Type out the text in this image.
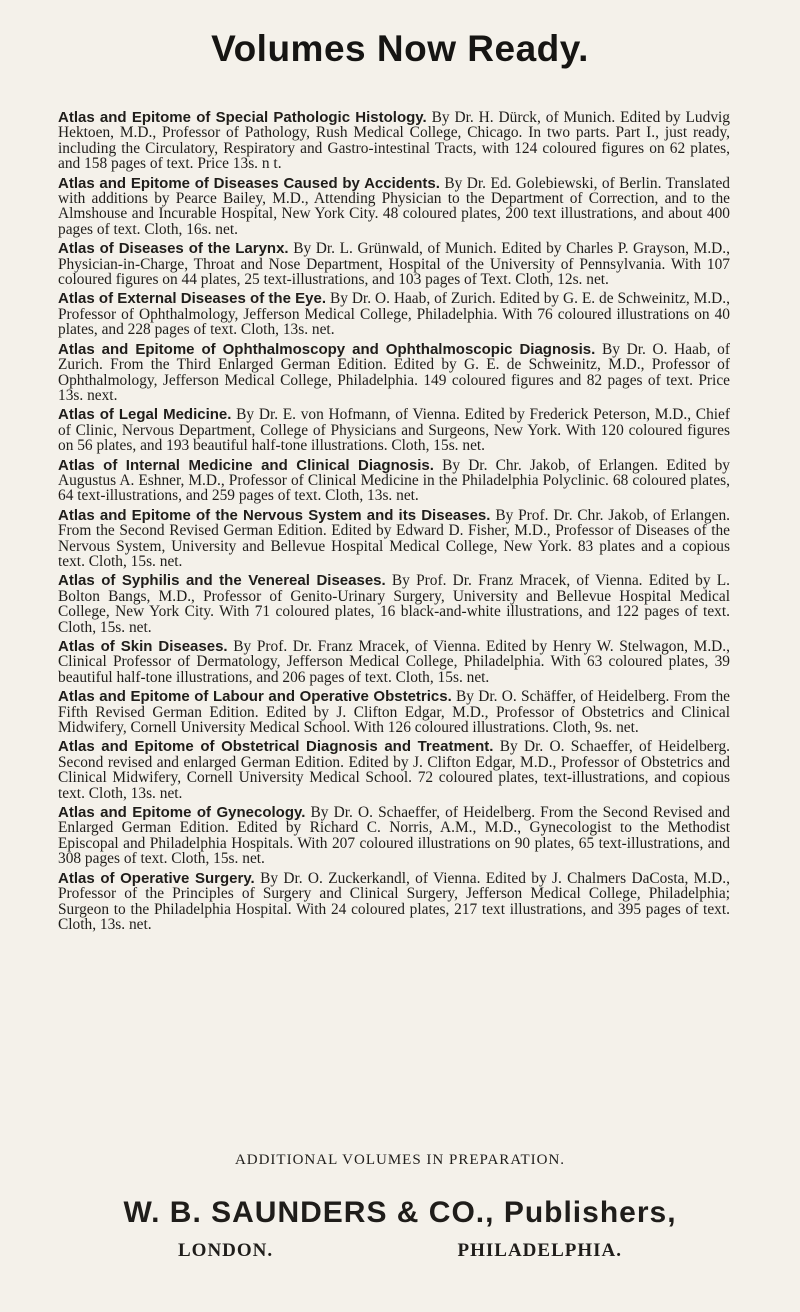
Volumes Now Ready.

Atlas and Epitome of Special Pathologic Histology. By Dr. H. Dürck, of Munich. Edited by Ludvig Hektoen, M.D., Professor of Pathology, Rush Medical College, Chicago. In two parts. Part I., just ready, including the Circulatory, Respiratory and Gastro-intestinal Tracts, with 124 coloured figures on 62 plates, and 158 pages of text. Price 13s. n t.

Atlas and Epitome of Diseases Caused by Accidents. By Dr. Ed. Golebiewski, of Berlin. Translated with additions by Pearce Bailey, M.D., Attending Physician to the Department of Correction, and to the Almshouse and Incurable Hospital, New York City. 48 coloured plates, 200 text illustrations, and about 400 pages of text. Cloth, 16s. net.

Atlas of Diseases of the Larynx. By Dr. L. Grünwald, of Munich. Edited by Charles P. Grayson, M.D., Physician-in-Charge, Throat and Nose Department, Hospital of the University of Pennsylvania. With 107 coloured figures on 44 plates, 25 text-illustrations, and 103 pages of Text. Cloth, 12s. net.

Atlas of External Diseases of the Eye. By Dr. O. Haab, of Zurich. Edited by G. E. de Schweinitz, M.D., Professor of Ophthalmology, Jefferson Medical College, Philadelphia. With 76 coloured illustrations on 40 plates, and 228 pages of text. Cloth, 13s. net.

Atlas and Epitome of Ophthalmoscopy and Ophthalmoscopic Diagnosis. By Dr. O. Haab, of Zurich. From the Third Enlarged German Edition. Edited by G. E. de Schweinitz, M.D., Professor of Ophthalmology, Jefferson Medical College, Philadelphia. 149 coloured figures and 82 pages of text. Price 13s. next.

Atlas of Legal Medicine. By Dr. E. von Hofmann, of Vienna. Edited by Frederick Peterson, M.D., Chief of Clinic, Nervous Department, College of Physicians and Surgeons, New York. With 120 coloured figures on 56 plates, and 193 beautiful half-tone illustrations. Cloth, 15s. net.

Atlas of Internal Medicine and Clinical Diagnosis. By Dr. Chr. Jakob, of Erlangen. Edited by Augustus A. Eshner, M.D., Professor of Clinical Medicine in the Philadelphia Polyclinic. 68 coloured plates, 64 text-illustrations, and 259 pages of text. Cloth, 13s. net.

Atlas and Epitome of the Nervous System and its Diseases. By Prof. Dr. Chr. Jakob, of Erlangen. From the Second Revised German Edition. Edited by Edward D. Fisher, M.D., Professor of Diseases of the Nervous System, University and Bellevue Hospital Medical College, New York. 83 plates and a copious text. Cloth, 15s. net.

Atlas of Syphilis and the Venereal Diseases. By Prof. Dr. Franz Mracek, of Vienna. Edited by L. Bolton Bangs, M.D., Professor of Genito-Urinary Surgery, University and Bellevue Hospital Medical College, New York City. With 71 coloured plates, 16 black-and-white illustrations, and 122 pages of text. Cloth, 15s. net.

Atlas of Skin Diseases. By Prof. Dr. Franz Mracek, of Vienna. Edited by Henry W. Stelwagon, M.D., Clinical Professor of Dermatology, Jefferson Medical College, Philadelphia. With 63 coloured plates, 39 beautiful half-tone illustrations, and 206 pages of text. Cloth, 15s. net.

Atlas and Epitome of Labour and Operative Obstetrics. By Dr. O. Schäffer, of Heidelberg. From the Fifth Revised German Edition. Edited by J. Clifton Edgar, M.D., Professor of Obstetrics and Clinical Midwifery, Cornell University Medical School. With 126 coloured illustrations. Cloth, 9s. net.

Atlas and Epitome of Obstetrical Diagnosis and Treatment. By Dr. O. Schaeffer, of Heidelberg. Second revised and enlarged German Edition. Edited by J. Clifton Edgar, M.D., Professor of Obstetrics and Clinical Midwifery, Cornell University Medical School. 72 coloured plates, text-illustrations, and copious text. Cloth, 13s. net.

Atlas and Epitome of Gynecology. By Dr. O. Schaeffer, of Heidelberg. From the Second Revised and Enlarged German Edition. Edited by Richard C. Norris, A.M., M.D., Gynecologist to the Methodist Episcopal and Philadelphia Hospitals. With 207 coloured illustrations on 90 plates, 65 text-illustrations, and 308 pages of text. Cloth, 15s. net.

Atlas of Operative Surgery. By Dr. O. Zuckerkandl, of Vienna. Edited by J. Chalmers DaCosta, M.D., Professor of the Principles of Surgery and Clinical Surgery, Jefferson Medical College, Philadelphia; Surgeon to the Philadelphia Hospital. With 24 coloured plates, 217 text illustrations, and 395 pages of text. Cloth, 13s. net.

ADDITIONAL VOLUMES IN PREPARATION.
W. B. SAUNDERS & CO., Publishers,
LONDON.	PHILADELPHIA.
